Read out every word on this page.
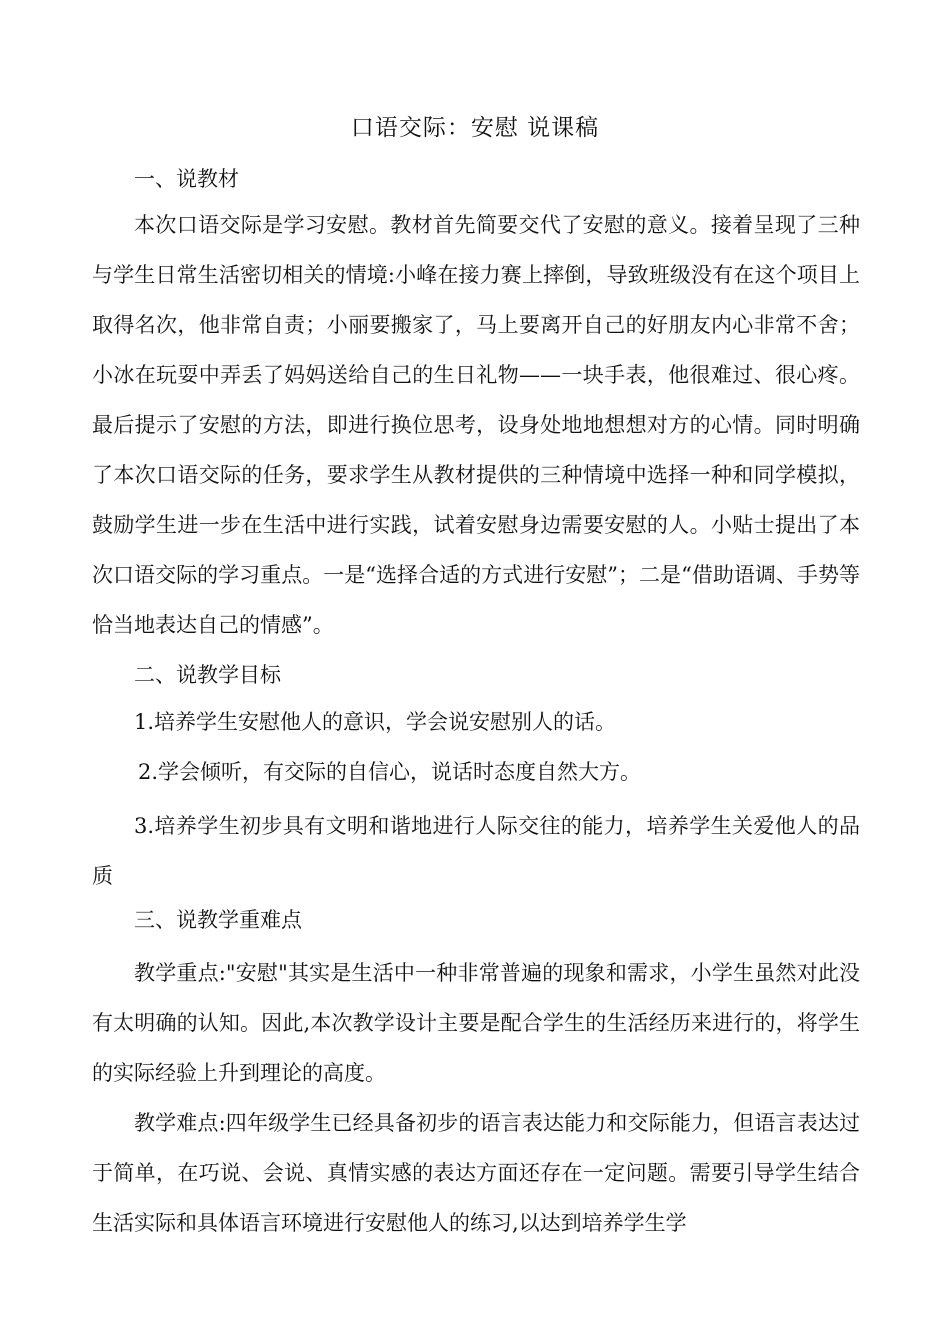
口语交际：安慰 说课稿
一、说教材
本次口语交际是学习安慰。教材首先简要交代了安慰的意义。接着呈现了三种与学生日常生活密切相关的情境:小峰在接力赛上摔倒，导致班级没有在这个项目上取得名次，他非常自责；小丽要搬家了，马上要离开自己的好朋友内心非常不舍；小冰在玩耍中弄丢了妈妈送给自己的生日礼物——一块手表，他很难过、很心疼。最后提示了安慰的方法，即进行换位思考，设身处地地想想对方的心情。同时明确了本次口语交际的任务，要求学生从教材提供的三种情境中选择一种和同学模拟，鼓励学生进一步在生活中进行实践，试着安慰身边需要安慰的人。小贴士提出了本次口语交际的学习重点。一是“选择合适的方式进行安慰”；二是“借助语调、手势等恰当地表达自己的情感”。
二、说教学目标
1.培养学生安慰他人的意识，学会说安慰别人的话。
2.学会倾听，有交际的自信心，说话时态度自然大方。
3.培养学生初步具有文明和谐地进行人际交往的能力，培养学生关爱他人的品质
三、说教学重难点
教学重点:"安慰"其实是生活中一种非常普遍的现象和需求，小学生虽然对此没有太明确的认知。因此,本次教学设计主要是配合学生的生活经历来进行的，将学生的实际经验上升到理论的高度。
教学难点:四年级学生已经具备初步的语言表达能力和交际能力，但语言表达过于简单，在巧说、会说、真情实感的表达方面还存在一定问题。需要引导学生结合生活实际和具体语言环境进行安慰他人的练习,以达到培养学生学
